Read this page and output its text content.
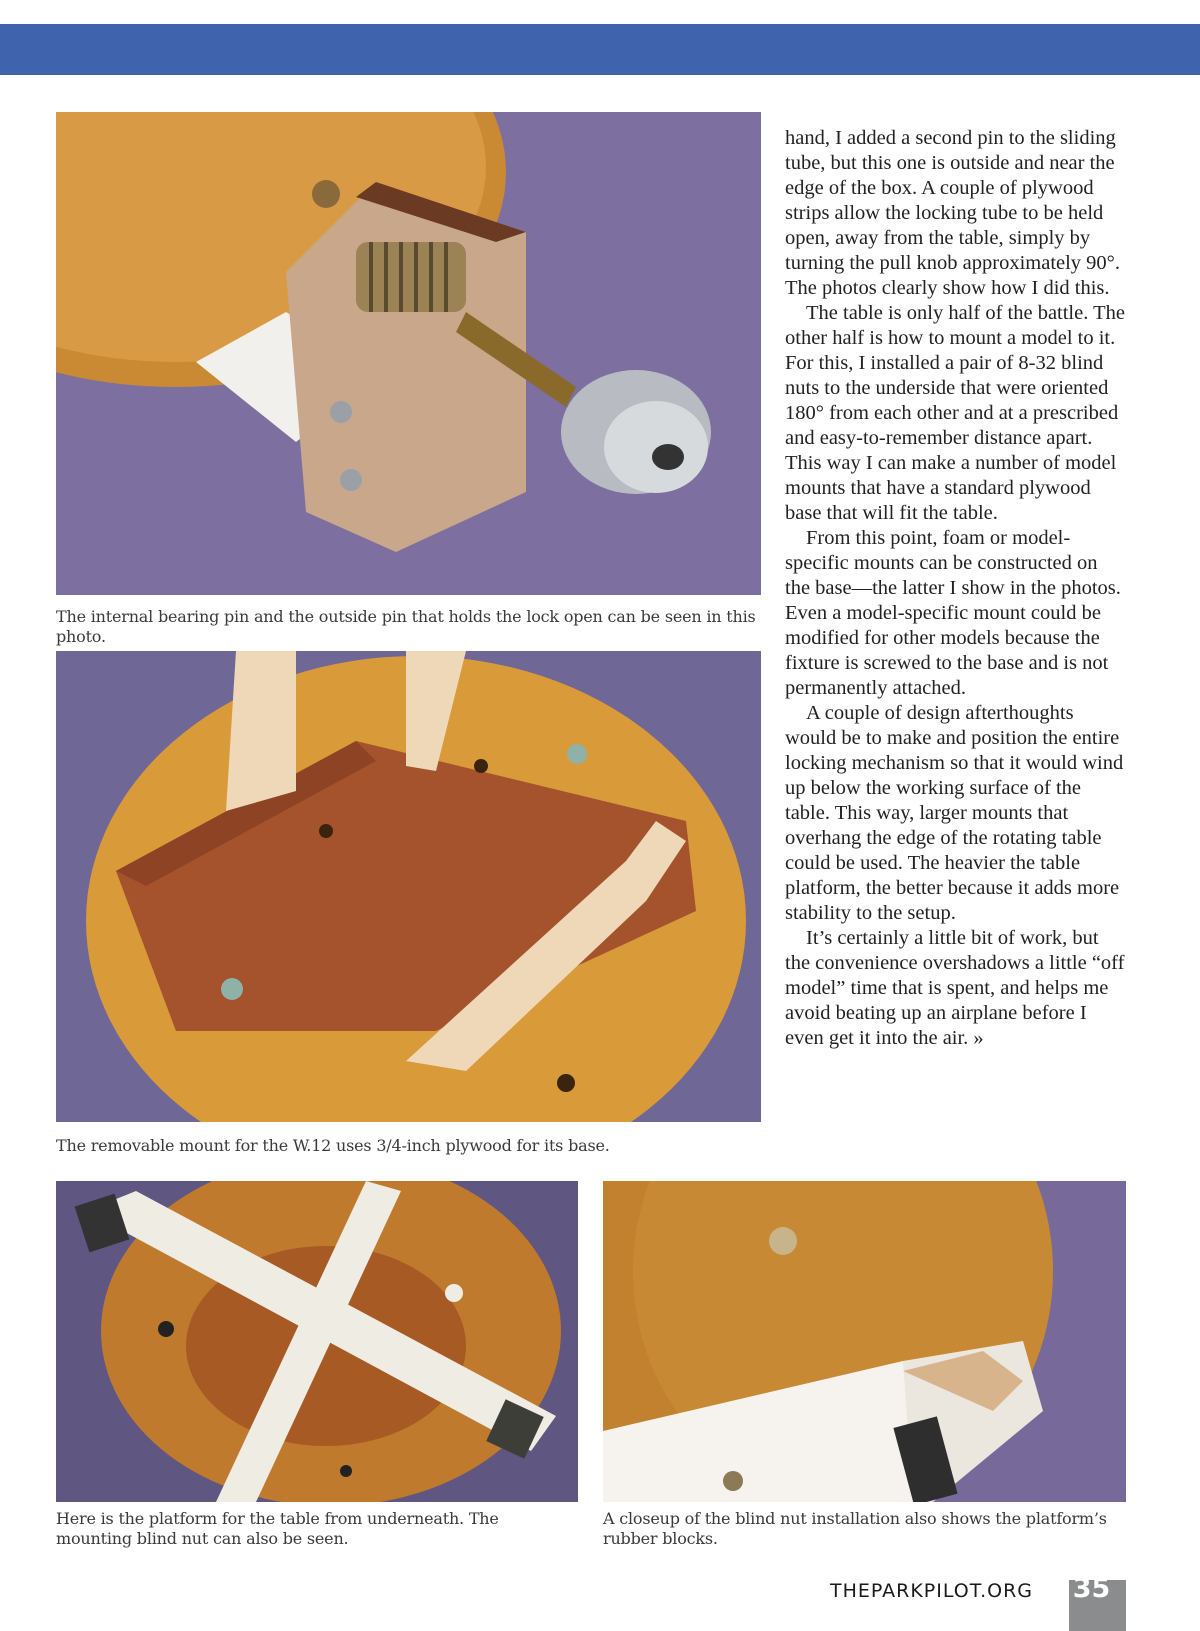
The internal bearing pin and the outside pin that holds the lock open can be seen in this photo.
The removable mount for the W.12 uses 3/4-inch plywood for its base.
Here is the platform for the table from underneath. The mounting blind nut can also be seen.
A closeup of the blind nut installation also shows the platform’s rubber blocks.

hand, I added a second pin to the sliding tube, but this one is outside and near the edge of the box. A couple of plywood strips allow the locking tube to be held open, away from the table, simply by turning the pull knob approximately 90°. The photos clearly show how I did this.

The table is only half of the battle. The other half is how to mount a model to it. For this, I installed a pair of 8-32 blind nuts to the underside that were oriented 180° from each other and at a prescribed and easy-to-remember distance apart. This way I can make a number of model mounts that have a standard plywood base that will fit the table.

From this point, foam or model-specific mounts can be constructed on the base—the latter I show in the photos. Even a model-specific mount could be modified for other models because the fixture is screwed to the base and is not permanently attached.

A couple of design afterthoughts would be to make and position the entire locking mechanism so that it would wind up below the working surface of the table. This way, larger mounts that overhang the edge of the rotating table could be used. The heavier the table platform, the better because it adds more stability to the setup.

It’s certainly a little bit of work, but the convenience overshadows a little “off model” time that is spent, and helps me avoid beating up an airplane before I even get it into the air. »

THEPARKPILOT.ORG 35
